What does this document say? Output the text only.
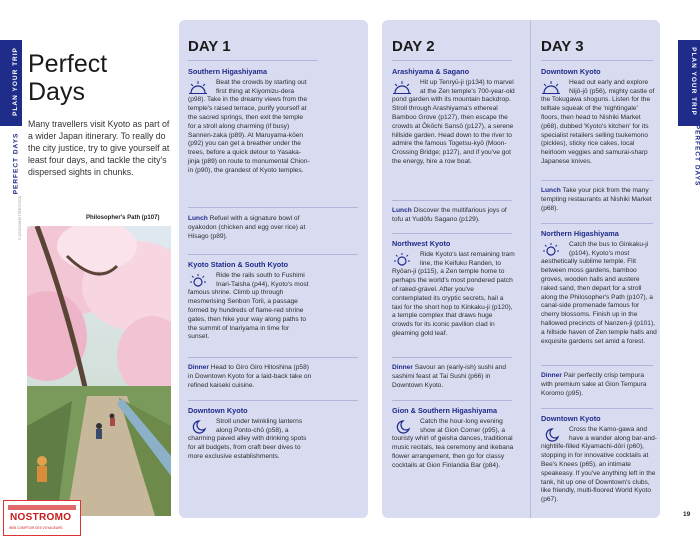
PLAN YOUR TRIP
PERFECT DAYS
PLAN YOUR TRIP
PERFECT DAYS
Perfect
Days

Many travellers visit Kyoto as part of a wider Japan itinerary. To really do the city justice, try to give yourself at least four days, and tackle the city's dispersed sights in chunks.

Philosopher's Path (p107)
© OSUGI/SHUTTERSTOCK
DAY 1
Southern Higashiyama

Beat the crowds by starting out first thing at Kiyomizu-dera (p98). Take in the dreamy views from the temple's raised terrace, purify yourself at the sacred springs, then exit the temple for a stroll along charming (if busy) Sannen-zaka (p89). At Maruyama-kōen (p92) you can get a breather under the trees, before a quick detour to Yasaka-jinja (p89) on route to monumental Chion-in (p90), the grandest of Kyoto temples.

Lunch Refuel with a signature bowl of oyakodon (chicken and egg over rice) at Hisago (p89).

Kyoto Station & South Kyoto

Ride the rails south to Fushimi Inari-Taisha (p44), Kyoto's most famous shrine. Climb up through mesmerising Senbon Torii, a passage formed by hundreds of flame-red shrine gates, then hike your way along paths to the summit of Inariyama in time for sunset.

Dinner Head to Giro Giro Hitoshina (p58) in Downtown Kyoto for a laid-back take on refined kaiseki cuisine.

Downtown Kyoto

Stroll under twinkling lanterns along Ponto-chō (p58), a charming paved alley with drinking spots for all budgets, from craft beer dives to more exclusive establishments.

DAY 2
Arashiyama & Sagano

Hit up Tenryū-ji (p134) to marvel at the Zen temple's 700-year-old pond garden with its mountain backdrop. Stroll through Arashiyama's ethereal Bamboo Grove (p127), then escape the crowds at Ōkōchi Sansō (p127), a serene hillside garden. Head down to the river to admire the famous Togetsu-kyō (Moon-Crossing Bridge; p127), and if you've got the energy, hire a row boat.

Lunch Discover the multifarious joys of tofu at Yudōfu Sagano (p129).

Northwest Kyoto

Ride Kyoto's last remaining tram line, the Keifuku Randen, to Ryōan-ji (p115), a Zen temple home to perhaps the world's most pondered patch of raked-gravel. After you've contemplated its cryptic secrets, hail a taxi for the short hop to Kinkaku-ji (p120), a temple complex that draws huge crowds for its iconic pavilion clad in gleaming gold leaf.

Dinner Savour an (early-ish) sushi and sashimi feast at Tai Sushi (p66) in Downtown Kyoto.

Gion & Southern Higashiyama

Catch the hour-long evening show at Gion Corner (p95), a touristy whirl of geisha dances, traditional music recitals, tea ceremony and ikebana flower arrangement, then go for classy cocktails at Gion Finlandia Bar (p84).

DAY 3
Downtown Kyoto

Head out early and explore Nijō-jō (p56), mighty castle of the Tokugawa shoguns. Listen for the telltale squeak of the 'nightingale' floors, then head to Nishiki Market (p68), dubbed 'Kyoto's kitchen' for its specialist retailers selling tsukemono (pickles), sticky rice cakes, local heirloom veggies and samurai-sharp Japanese knives.

Lunch Take your pick from the many tempting restaurants at Nishiki Market (p68).

Northern Higashiyama

Catch the bus to Ginkaku-ji (p104), Kyoto's most aesthetically sublime temple. Flit between moss gardens, bamboo groves, wooden halls and austere raked sand, then depart for a stroll along the Philosopher's Path (p107), a canal-side promenade famous for cherry blossoms. Finish up in the hallowed precincts of Nanzen-ji (p101), a hillside haven of Zen temple halls and exquisite gardens set amid a forest.

Dinner Pair perfectly crisp tempura with premium sake at Gion Tempura Koromo (p95).

Downtown Kyoto

Cross the Kamo-gawa and have a wander along bar-and-nightlife-filled Kiyamachi-dōri (p60), stopping in for innovative cocktails at Bee's Knees (p65), an intimate speakeasy. If you've anything left in the tank, hit up one of Downtown's clubs, like friendly, multi-floored World Kyoto (p67).

19
NOSTROMO
WEB COMPTOIR DES VOYAGEURS
